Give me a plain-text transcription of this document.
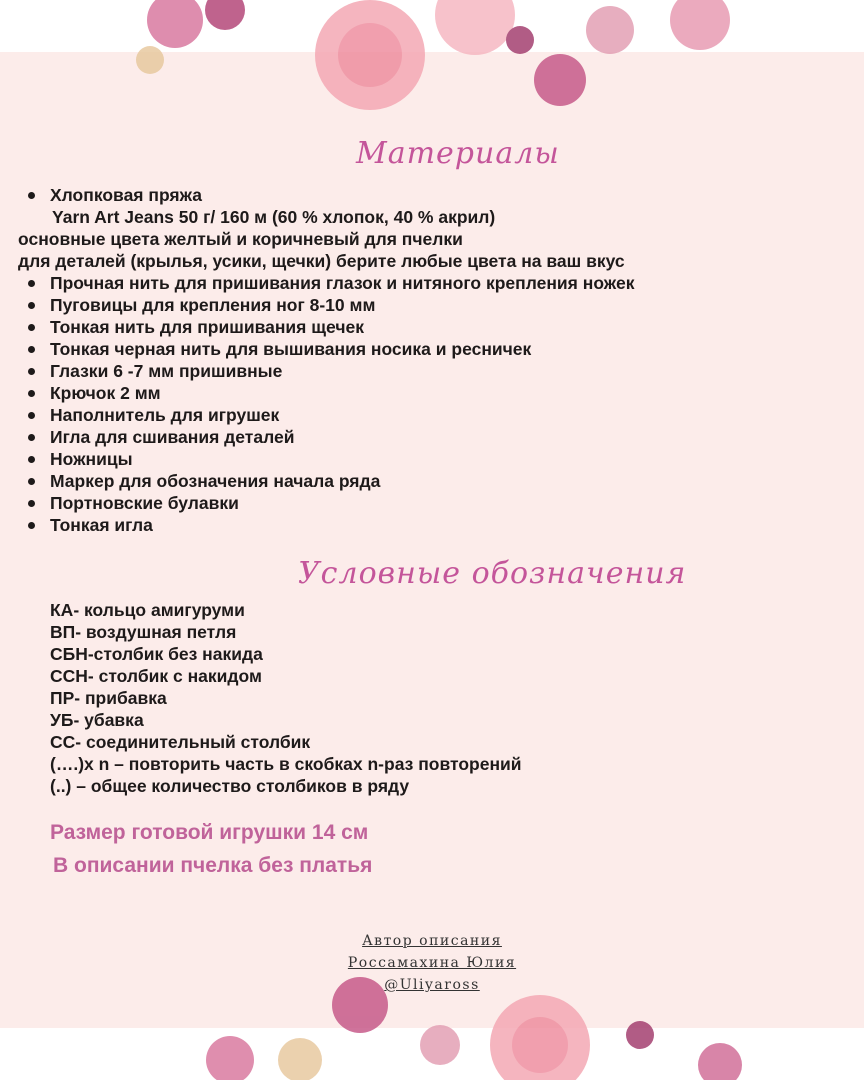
Материалы
Хлопковая пряжа
Yarn Art Jeans 50 г/ 160 м (60 % хлопок, 40 % акрил)
основные цвета желтый и коричневый для пчелки
для деталей (крылья, усики, щечки) берите любые цвета на ваш вкус
Прочная нить для пришивания глазок и нитяного крепления ножек
Пуговицы для крепления ног 8-10 мм
Тонкая нить для пришивания щечек
Тонкая черная нить для вышивания носика и ресничек
Глазки 6 -7 мм пришивные
Крючок 2 мм
Наполнитель для игрушек
Игла для сшивания деталей
Ножницы
Маркер для обозначения начала ряда
Портновские булавки
Тонкая игла
Условные обозначения
КА- кольцо амигуруми
ВП- воздушная петля
СБН-столбик без накида
ССН- столбик с накидом
ПР- прибавка
УБ- убавка
СС- соединительный столбик
(….)х n – повторить часть в скобках n-раз повторений
(..) – общее количество столбиков в ряду
Размер готовой игрушки 14 см
В описании пчелка без платья
Автор описания
Россамахина Юлия
@Uliyaross
